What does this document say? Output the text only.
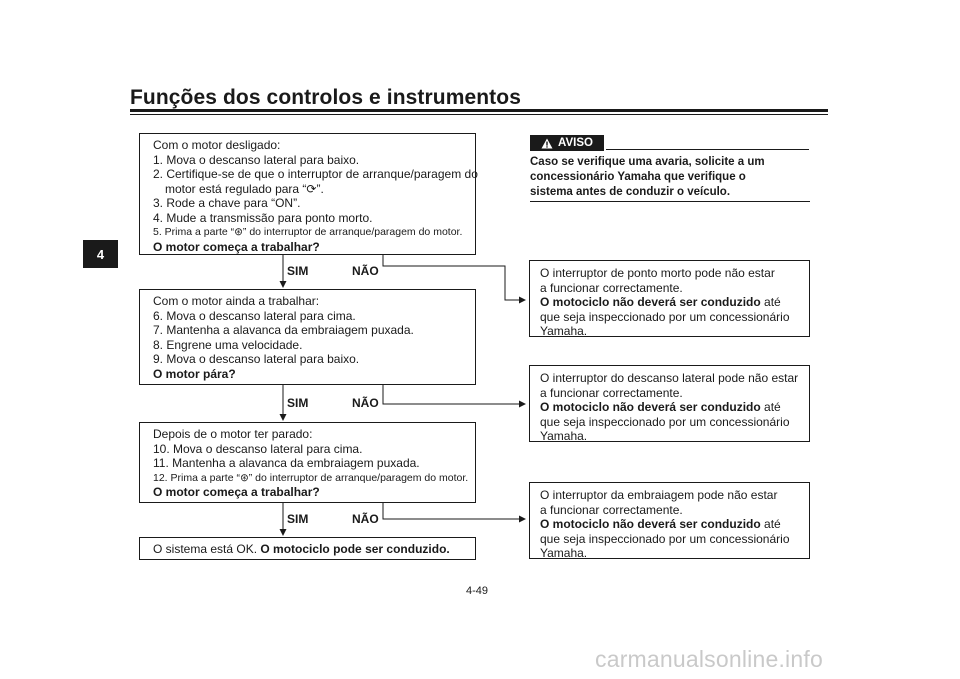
Funções dos controlos e instrumentos
4
Com o motor desligado:
1. Mova o descanso lateral para baixo.
2. Certifique-se de que o interruptor de arranque/paragem do
motor está regulado para “⟳”.
3. Rode a chave para “ON”.
4. Mude a transmissão para ponto morto.
5. Prima a parte “⊛” do interruptor de arranque/paragem do motor.
O motor começa a trabalhar?
SIM	NÃO
Com o motor ainda a trabalhar:
6. Mova o descanso lateral para cima.
7. Mantenha a alavanca da embraiagem puxada.
8. Engrene uma velocidade.
9. Mova o descanso lateral para baixo.
O motor pára?
SIM	NÃO
Depois de o motor ter parado:
10. Mova o descanso lateral para cima.
11. Mantenha a alavanca da embraiagem puxada.
12. Prima a parte “⊛” do interruptor de arranque/paragem do motor.
O motor começa a trabalhar?
SIM	NÃO
O sistema está OK. O motociclo pode ser conduzido.
O interruptor de ponto morto pode não estar
a funcionar correctamente.
O motociclo não deverá ser conduzido até
que seja inspeccionado por um concessionário
Yamaha.
O interruptor do descanso lateral pode não estar
a funcionar correctamente.
O motociclo não deverá ser conduzido até
que seja inspeccionado por um concessionário
Yamaha.
O interruptor da embraiagem pode não estar
a funcionar correctamente.
O motociclo não deverá ser conduzido até
que seja inspeccionado por um concessionário
Yamaha.
AVISO
Caso se verifique uma avaria, solicite a um
concessionário Yamaha que verifique o
sistema antes de conduzir o veículo.
4-49
carmanualsonline.info
